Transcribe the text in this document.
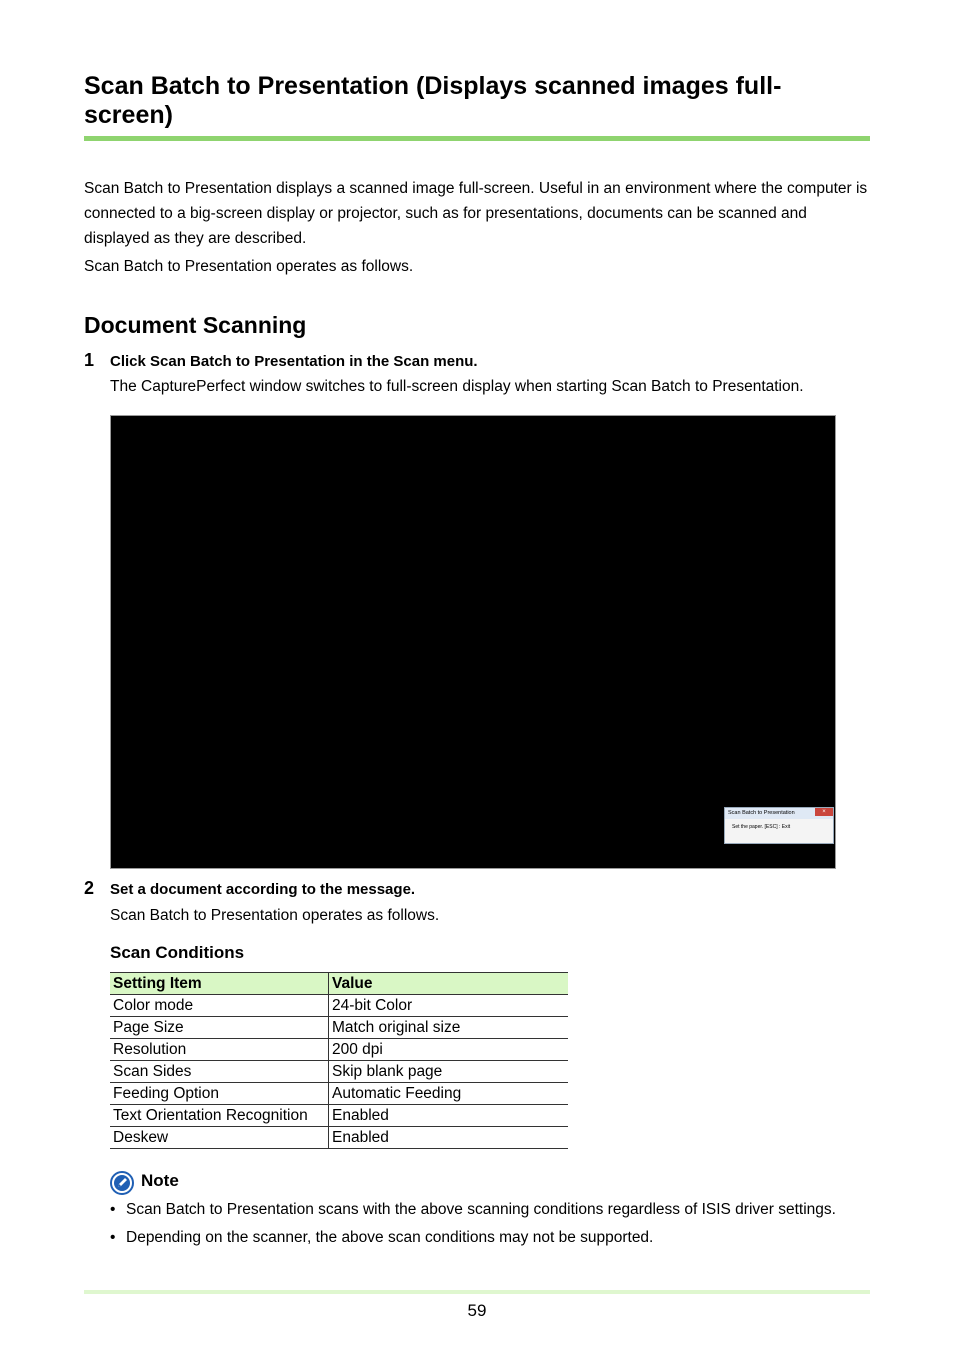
Scan Batch to Presentation (Displays scanned images full-screen)
Scan Batch to Presentation displays a scanned image full-screen. Useful in an environment where the computer is connected to a big-screen display or projector, such as for presentations, documents can be scanned and displayed as they are described.
Scan Batch to Presentation operates as follows.
Document Scanning
1 Click Scan Batch to Presentation in the Scan menu.
The CapturePerfect window switches to full-screen display when starting Scan Batch to Presentation.
Scan Batch to Presentation	×
Set the paper. [ESC] : Exit
2 Set a document according to the message.
Scan Batch to Presentation operates as follows.
Scan Conditions
Setting Item	Value
Color mode	24-bit Color
Page Size	Match original size
Resolution	200 dpi
Scan Sides	Skip blank page
Feeding Option	Automatic Feeding
Text Orientation Recognition	Enabled
Deskew	Enabled
Note
• Scan Batch to Presentation scans with the above scanning conditions regardless of ISIS driver settings.
• Depending on the scanner, the above scan conditions may not be supported.
59
